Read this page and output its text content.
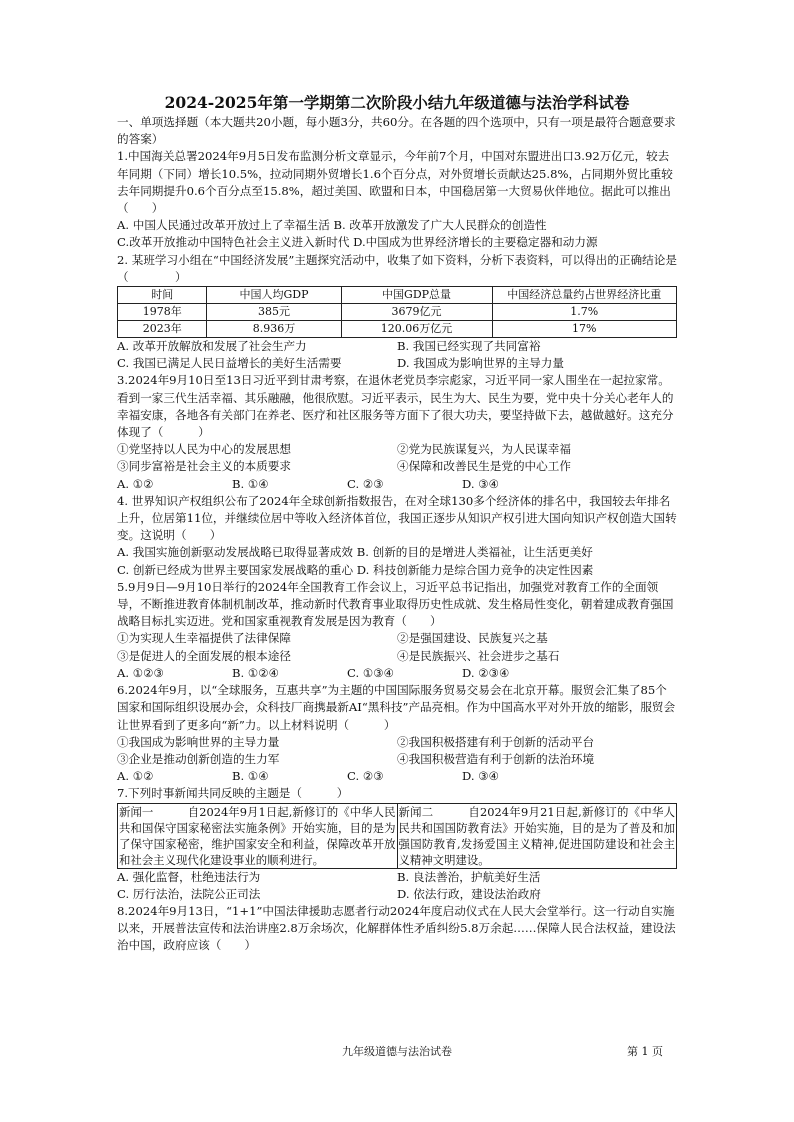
2024-2025年第一学期第二次阶段小结九年级道德与法治学科试卷

一、单项选择题（本大题共20小题，每小题3分，共60分。在各题的四个选项中，只有一项是最符合题意要求的答案）

1.中国海关总署2024年9月5日发布监测分析文章显示，今年前7个月，中国对东盟进出口3.92万亿元，较去年同期（下同）增长10.5%，拉动同期外贸增长1.6个百分点，对外贸增长贡献达25.8%，占同期外贸比重较去年同期提升0.6个百分点至15.8%，超过美国、欧盟和日本，中国稳居第一大贸易伙伴地位。据此可以推出（　　）

A. 中国人民通过改革开放过上了幸福生活 B. 改革开放激发了广大人民群众的创造性

C.改革开放推动中国特色社会主义进入新时代 D.中国成为世界经济增长的主要稳定器和动力源

2. 某班学习小组在“中国经济发展”主题探究活动中，收集了如下资料，分析下表资料，可以得出的正确结论是（　　　　）

时间	中国人均GDP	中国GDP总量	中国经济总量约占世界经济比重
1978年	385元	3679亿元	1.7%
2023年	8.936万	120.06万亿元	17%
A. 改革开放解放和发展了社会生产力	B. 我国已经实现了共同富裕
C. 我国已满足人民日益增长的美好生活需要	D. 我国成为影响世界的主导力量

3.2024年9月10日至13日习近平到甘肃考察，在退休老党员李宗彪家，习近平同一家人围坐在一起拉家常。看到一家三代生活幸福、其乐融融，他很欣慰。习近平表示，民生为大、民生为要，党中央十分关心老年人的幸福安康，各地各有关部门在养老、医疗和社区服务等方面下了很大功夫，要坚持做下去，越做越好。这充分体现了（　　　）

①党坚持以人民为中心的发展思想	②党为民族谋复兴，为人民谋幸福
③同步富裕是社会主义的本质要求	④保障和改善民生是党的中心工作
A. ①②	B. ①④	C. ②③	D. ③④

4. 世界知识产权组织公布了2024年全球创新指数报告，在对全球130多个经济体的排名中，我国较去年排名上升，位居第11位，并继续位居中等收入经济体首位，我国正逐步从知识产权引进大国向知识产权创造大国转变。这说明（　　）

A. 我国实施创新驱动发展战略已取得显著成效 B. 创新的目的是增进人类福祉，让生活更美好

C. 创新已经成为世界主要国家发展战略的重心 D. 科技创新能力是综合国力竞争的决定性因素

5.9月9日—9月10日举行的2024年全国教育工作会议上，习近平总书记指出，加强党对教育工作的全面领导，不断推进教育体制机制改革，推动新时代教育事业取得历史性成就、发生格局性变化，朝着建成教育强国战略目标扎实迈进。党和国家重视教育发展是因为教育（　　）

①为实现人生幸福提供了法律保障	②是强国建设、民族复兴之基
③是促进人的全面发展的根本途径	④是民族振兴、社会进步之基石
A. ①②③	B. ①②④	C. ①③④	D. ②③④

6.2024年9月，以“全球服务，互惠共享”为主题的中国国际服务贸易交易会在北京开幕。服贸会汇集了85个国家和国际组织设展办会，众科技厂商携最新AI“黑科技”产品亮相。作为中国高水平对外开放的缩影，服贸会让世界看到了更多向“新”力。以上材料说明（　　　）

①我国成为影响世界的主导力量	②我国积极搭建有利于创新的活动平台
③企业是推动创新创造的生力军	④我国积极营造有利于创新的法治环境
A. ①②	B. ①④	C. ②③	D. ③④

7.下列时事新闻共同反映的主题是（　　　）

新闻一　　　自2024年9月1日起,新修订的《中华人民共和国保守国家秘密法实施条例》开始实施，目的是为了保守国家秘密，维护国家安全和利益，保障改革开放和社会主义现代化建设事业的顺利进行。	新闻二　　　自2024年9月21日起,新修订的《中华人民共和国国防教育法》开始实施，目的是为了普及和加强国防教育,发扬爱国主义精神,促进国防建设和社会主义精神文明建设。
A. 强化监督，杜绝违法行为	B. 良法善治，护航美好生活
C. 厉行法治，法院公正司法	D. 依法行政，建设法治政府

8.2024年9月13日，“1+1”中国法律援助志愿者行动2024年度启动仪式在人民大会堂举行。这一行动自实施以来，开展普法宣传和法治讲座2.8万余场次，化解群体性矛盾纠纷5.8万余起……保障人民合法权益，建设法治中国，政府应该（　　）

九年级道德与法治试卷	第 1 页
